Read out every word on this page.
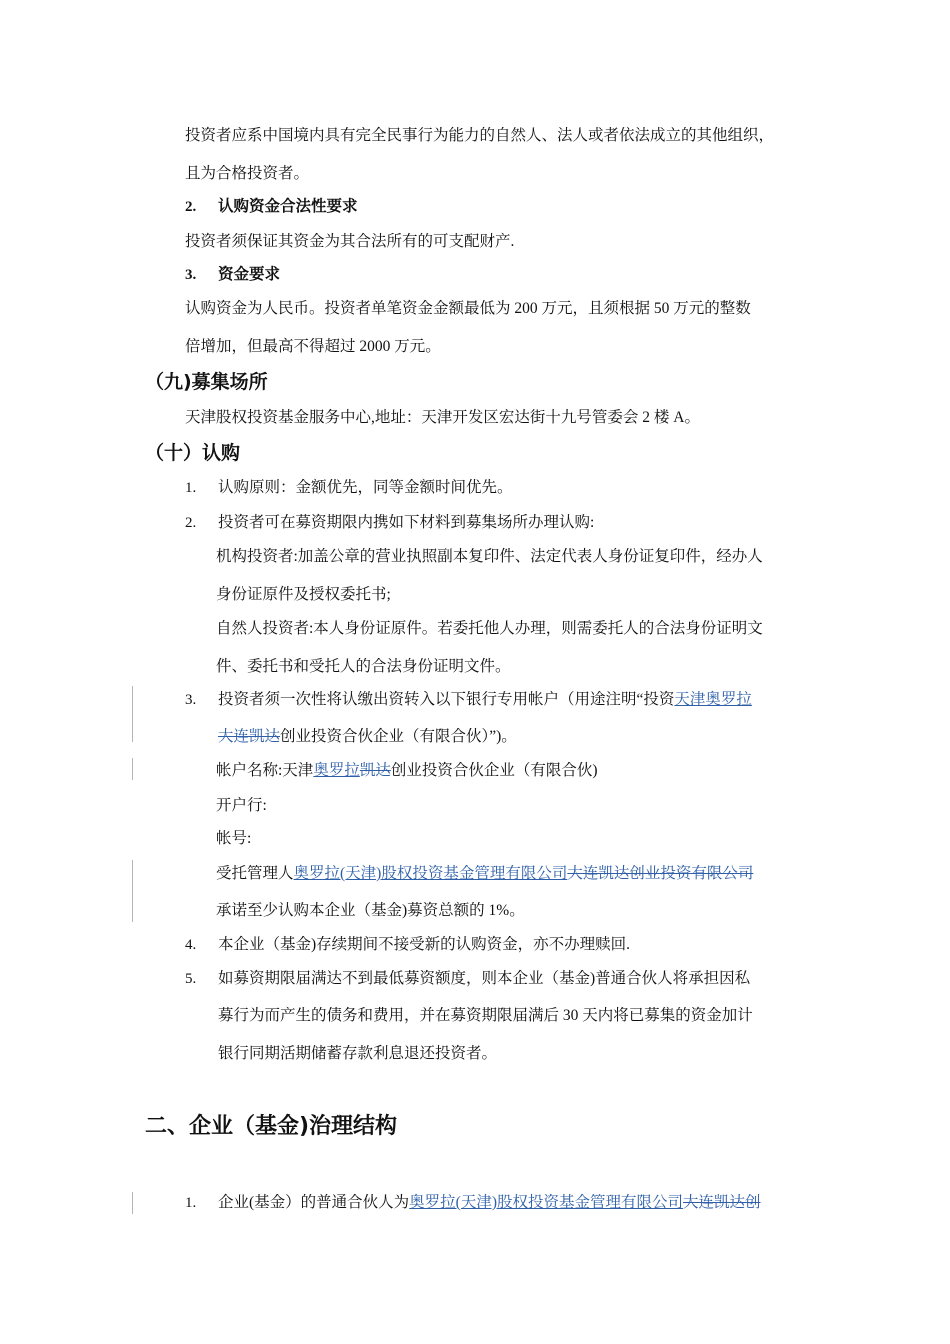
投资者应系中国境内具有完全民事行为能力的自然人、法人或者依法成立的其他组织，
且为合格投资者。
2. 认购资金合法性要求
投资者须保证其资金为其合法所有的可支配财产.
3. 资金要求
认购资金为人民币。投资者单笔资金金额最低为 200 万元，且须根据 50 万元的整数
倍增加，但最高不得超过 2000 万元。
（九)募集场所
天津股权投资基金服务中心,地址：天津开发区宏达街十九号管委会 2 楼 A。
（十）认购
1. 认购原则：金额优先，同等金额时间优先。
2. 投资者可在募资期限内携如下材料到募集场所办理认购:
机构投资者:加盖公章的营业执照副本复印件、法定代表人身份证复印件，经办人
身份证原件及授权委托书;
自然人投资者:本人身份证原件。若委托他人办理，则需委托人的合法身份证明文
件、委托书和受托人的合法身份证明文件。
3. 投资者须一次性将认缴出资转入以下银行专用帐户（用途注明“投资天津奥罗拉
大连凯达创业投资合伙企业（有限合伙）”)。
帐户名称:天津奥罗拉凯达创业投资合伙企业（有限合伙)
开户行:
帐号:
受托管理人奥罗拉(天津)股权投资基金管理有限公司大连凯达创业投资有限公司
承诺至少认购本企业（基金)募资总额的 1%。
4. 本企业（基金)存续期间不接受新的认购资金，亦不办理赎回.
5. 如募资期限届满达不到最低募资额度，则本企业（基金)普通合伙人将承担因私
募行为而产生的债务和费用，并在募资期限届满后 30 天内将已募集的资金加计
银行同期活期储蓄存款利息退还投资者。
二、企业（基金)治理结构
1. 企业(基金）的普通合伙人为奥罗拉(天津)股权投资基金管理有限公司大连凯达创
